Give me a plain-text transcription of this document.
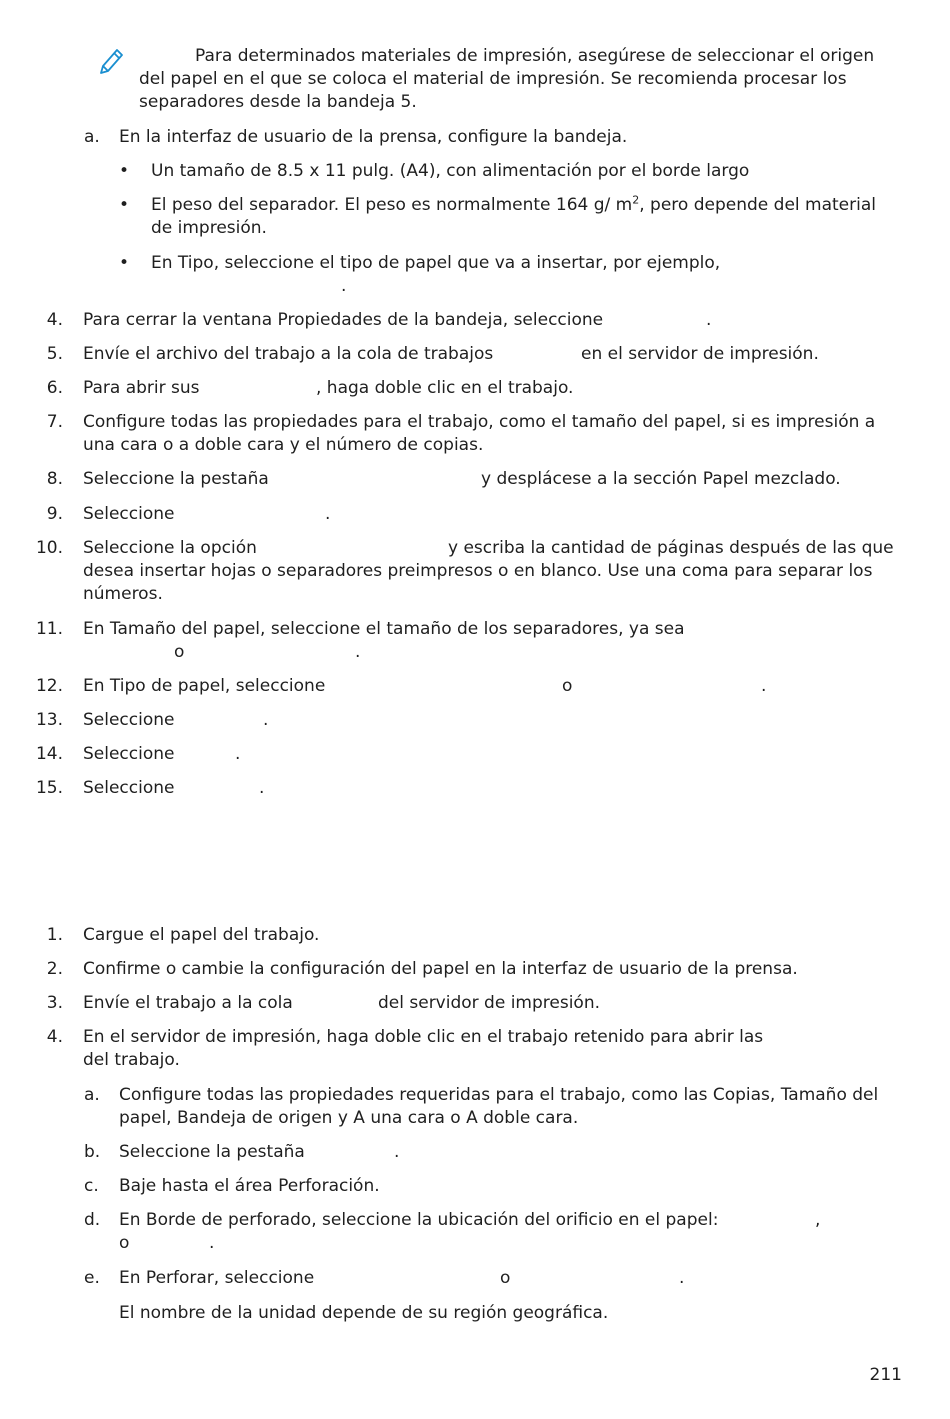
Para determinados materiales de impresión, asegúrese de seleccionar el origen
del papel en el que se coloca el material de impresión. Se recomienda procesar los
separadores desde la bandeja 5.
a. En la interfaz de usuario de la prensa, configure la bandeja.
• Un tamaño de 8.5 x 11 pulg. (A4), con alimentación por el borde largo
• El peso del separador. El peso es normalmente 164 g/ $m^2$, pero depende del material
de impresión.
• En Tipo, seleccione el tipo de papel que va a insertar, por ejemplo,
.
4. Para cerrar la ventana Propiedades de la bandeja, seleccione	.
5. Envíe el archivo del trabajo a la cola de trabajos	en el servidor de impresión.
6. Para abrir sus	, haga doble clic en el trabajo.
7. Configure todas las propiedades para el trabajo, como el tamaño del papel, si es impresión a
una cara o a doble cara y el número de copias.
8. Seleccione la pestaña	y desplácese a la sección Papel mezclado.
9. Seleccione	.
10. Seleccione la opción	y escriba la cantidad de páginas después de las que
desea insertar hojas o separadores preimpresos o en blanco. Use una coma para separar los
números.
11. En Tamaño del papel, seleccione el tamaño de los separadores, ya sea
o	.
12. En Tipo de papel, seleccione	o	.
13. Seleccione	.
14. Seleccione	.
15. Seleccione	.
1. Cargue el papel del trabajo.
2. Confirme o cambie la configuración del papel en la interfaz de usuario de la prensa.
3. Envíe el trabajo a la cola	del servidor de impresión.
4. En el servidor de impresión, haga doble clic en el trabajo retenido para abrir las
del trabajo.
a. Configure todas las propiedades requeridas para el trabajo, como las Copias, Tamaño del
papel, Bandeja de origen y A una cara o A doble cara.
b. Seleccione la pestaña	.
c.	Baje hasta el área Perforación.
d. En Borde de perforado, seleccione la ubicación del orificio en el papel:	,
o	.
e. En Perforar, seleccione	o	.
El nombre de la unidad depende de su región geográfica.
211
